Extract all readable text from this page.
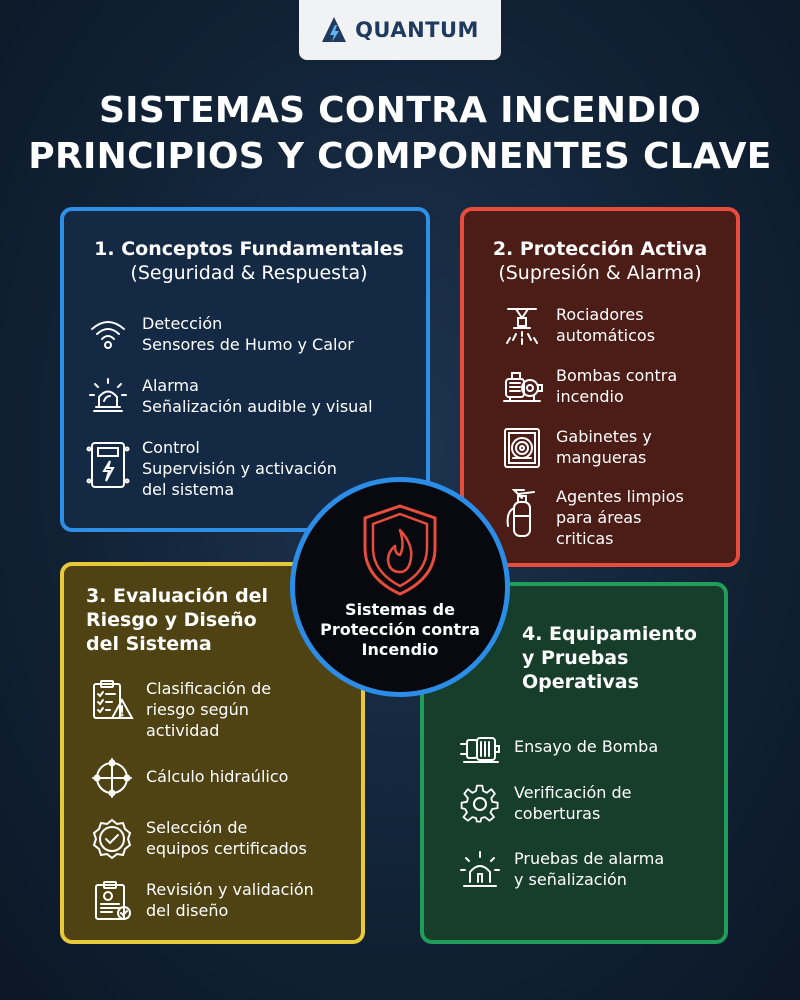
QUANTUM
SISTEMAS CONTRA INCENDIO
PRINCIPIOS Y COMPONENTES CLAVE
1. Conceptos Fundamentales
(Seguridad & Respuesta)
Detección
Sensores de Humo y Calor
Alarma
Señalización audible y visual
Control
Supervisión y activación
del sistema
2. Protección Activa
(Supresión & Alarma)
Rociadores
automáticos
Bombas contra
incendio
Gabinetes y
mangueras
Agentes limpios
para áreas
criticas
3. Evaluación del
Riesgo y Diseño
del Sistema
Clasificación de
riesgo según
actividad
Cálculo hidraúlico
Selección de
equipos certificados
Revisión y validación
del diseño
4. Equipamiento
y Pruebas
Operativas
Ensayo de Bomba
Verificación de
coberturas
Pruebas de alarma
y señalización
Sistemas de
Protección contra
Incendio
